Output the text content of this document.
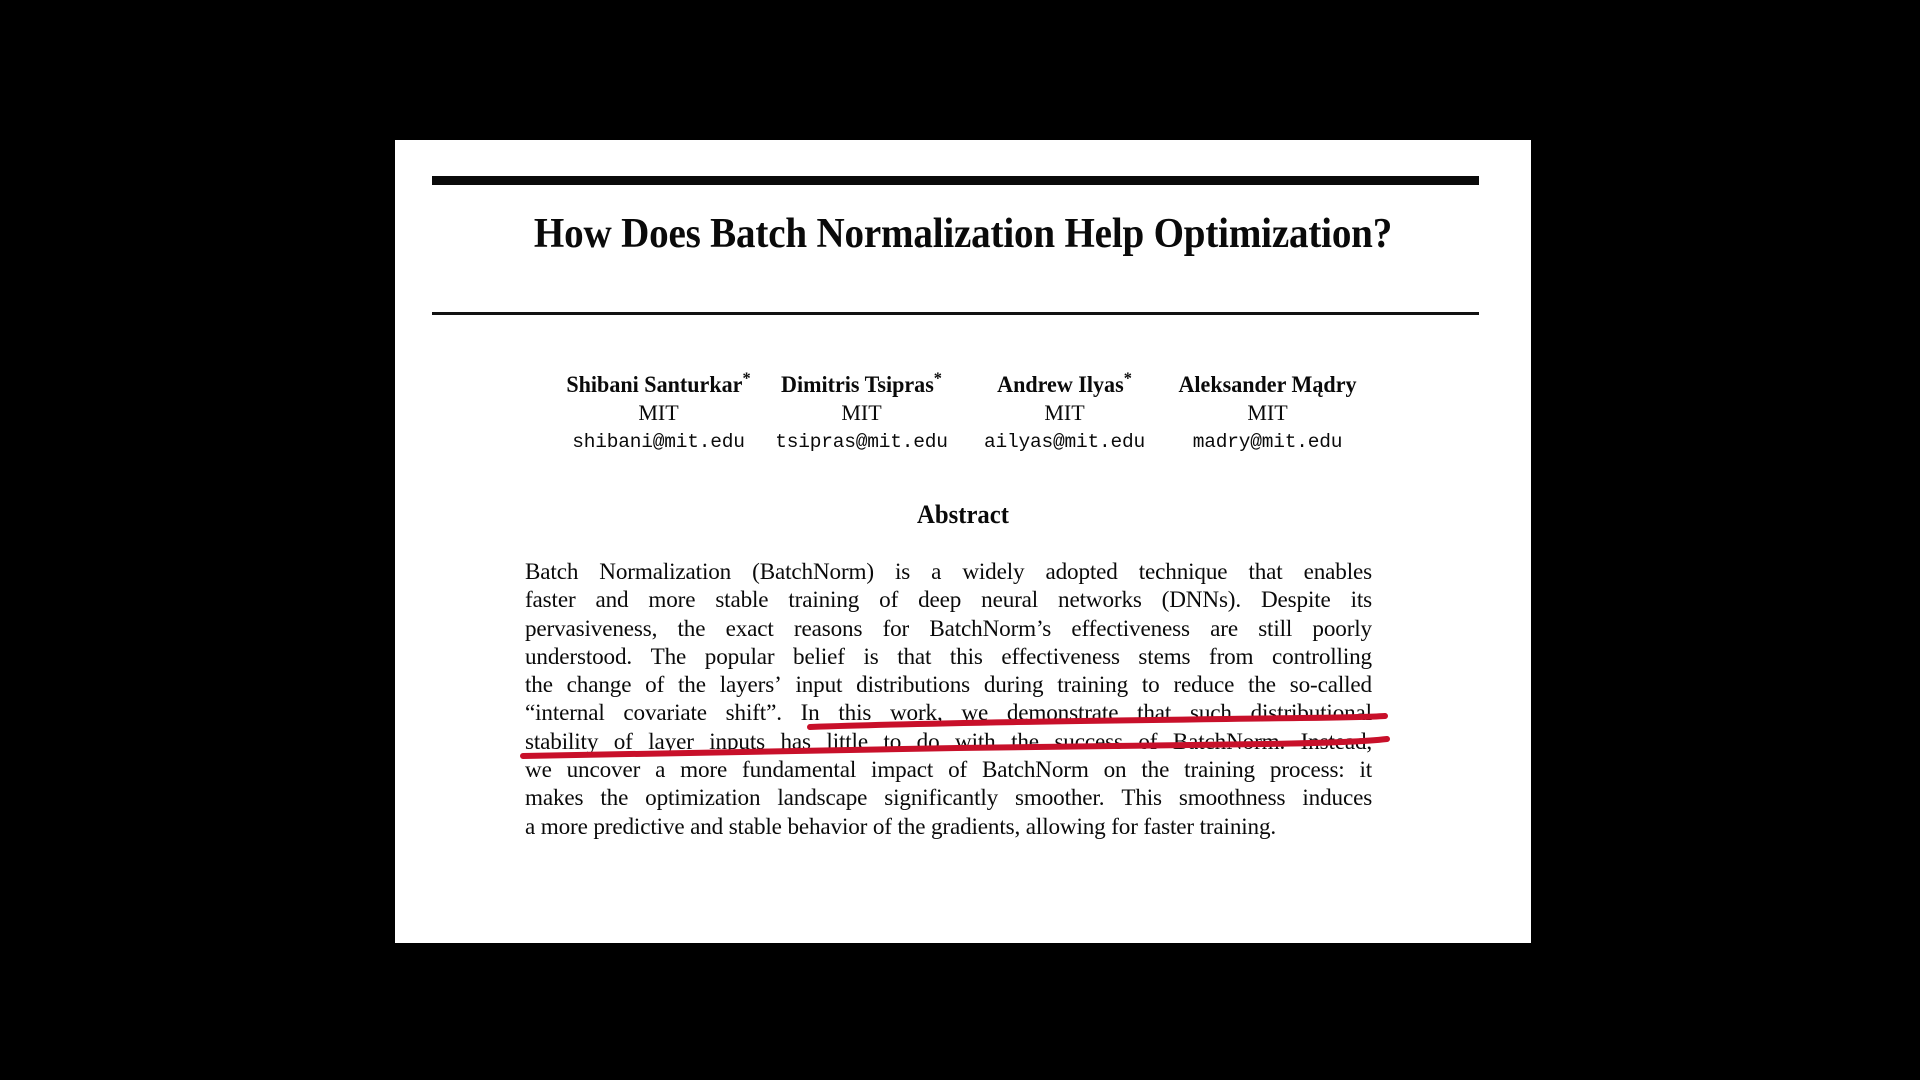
How Does Batch Normalization Help Optimization?
Shibani Santurkar*
MIT
shibani@mit.edu
Dimitris Tsipras*
MIT
tsipras@mit.edu
Andrew Ilyas*
MIT
ailyas@mit.edu
Aleksander Mądry
MIT
madry@mit.edu
Abstract
Batch Normalization (BatchNorm) is a widely adopted technique that enables
faster and more stable training of deep neural networks (DNNs). Despite its
pervasiveness, the exact reasons for BatchNorm’s effectiveness are still poorly
understood. The popular belief is that this effectiveness stems from controlling
the change of the layers’ input distributions during training to reduce the so-called
“internal covariate shift”. In this work, we demonstrate that such distributional
stability of layer inputs has little to do with the success of BatchNorm. Instead,
we uncover a more fundamental impact of BatchNorm on the training process: it
makes the optimization landscape significantly smoother. This smoothness induces
a more predictive and stable behavior of the gradients, allowing for faster training.
